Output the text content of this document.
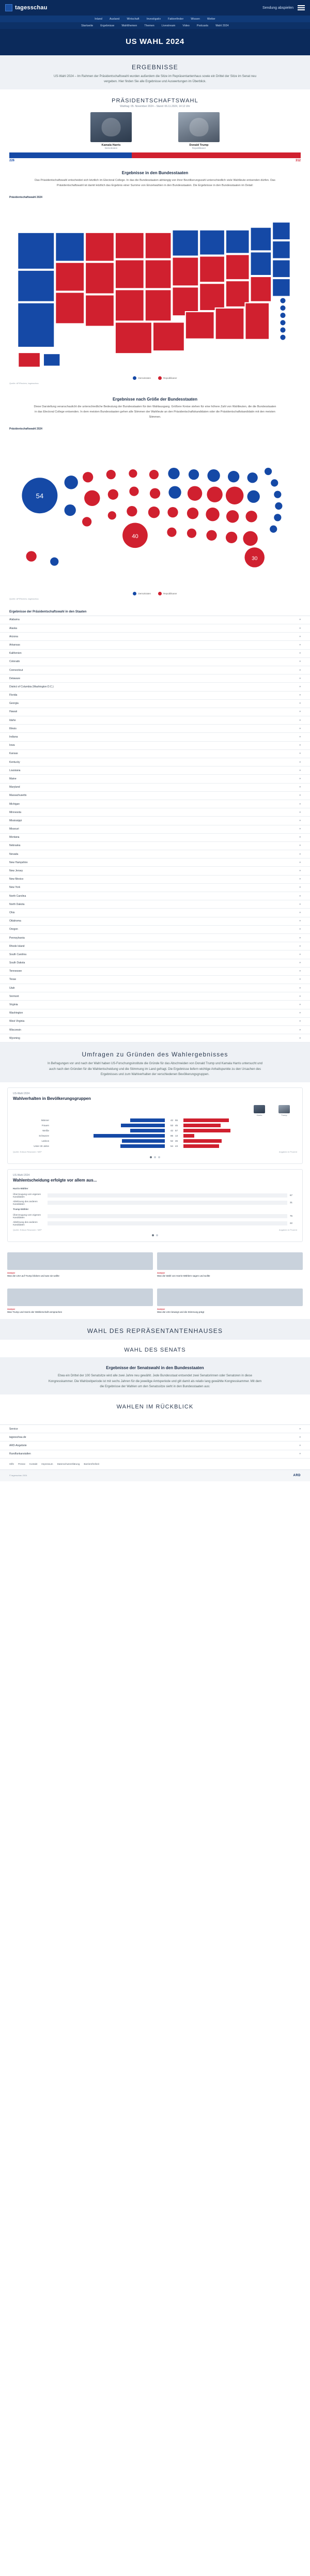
tagesschau	Sendung abspielen
Inland	Ausland	Wirtschaft	Investigativ	Faktenfinder	Wissen	Wetter
Startseite	Ergebnisse	Wahlthemen	Themen	Livestream	Video	Podcasts	Wahl 2024
US WAHL 2024
ERGEBNISSE
US-Wahl 2024 – Im Rahmen der Präsidentschaftswahl wurden außerdem die Sitze im Repräsentantenhaus sowie ein Drittel der Sitze im Senat neu vergeben. Hier finden Sie alle Ergebnisse und Auswertungen im Überblick.
PRÄSIDENTSCHAFTSWAHL
Wahltag: 05. November 2024 – Stand: 06.11.2024, 14:12 Uhr
Kamala Harris
Demokraten
Donald Trump
Republikaner
226	312
Ergebnisse in den Bundesstaaten

Das Präsidentschaftswahl entscheidet sich letztlich im Electoral College. In das die Bundesstaaten abhängig von ihrer Bevölkerungszahl unterschiedlich viele Wahlleute entsenden dürfen. Das Präsidentschaftswahl ist damit letztlich das Ergebnis einer Summe von Einzelwahlen in den Bundesstaaten. Die Ergebnisse in den Bundesstaaten im Detail:

Präsidentschaftswahl 2024
Demokraten	Republikaner
Quelle: AP/Reuters, tagesschau
Ergebnisse nach Größe der Bundesstaaten

Diese Darstellung veranschaulicht die unterschiedliche Bedeutung der Bundesstaaten für den Wahlausgang. Größere Kreise stehen für eine höhere Zahl von Wahlleuten, die die Bundesstaaten in das Electoral College entsenden. In dem meisten Bundesstaaten gehen alle Stimmen der Wahlleute an den Präsidentschaftskandidaten oder die Präsidentschaftskandidatin mit den meisten Stimmen.

Präsidentschaftswahl 2024
54
40
30
Demokraten	Republikaner
Quelle: AP/Reuters, tagesschau
Ergebnisse der Präsidentschaftswahl in den Staaten
Alabama	▾
Alaska	▾
Arizona	▾
Arkansas	▾
Kalifornien	▾
Colorado	▾
Connecticut	▾
Delaware	▾
District of Columbia (Washington D.C.)	▾
Florida	▾
Georgia	▾
Hawaii	▾
Idaho	▾
Illinois	▾
Indiana	▾
Iowa	▾
Kansas	▾
Kentucky	▾
Louisiana	▾
Maine	▾
Maryland	▾
Massachusetts	▾
Michigan	▾
Minnesota	▾
Mississippi	▾
Missouri	▾
Montana	▾
Nebraska	▾
Nevada	▾
New Hampshire	▾
New Jersey	▾
New Mexico	▾
New York	▾
North Carolina	▾
North Dakota	▾
Ohio	▾
Oklahoma	▾
Oregon	▾
Pennsylvania	▾
Rhode Island	▾
South Carolina	▾
South Dakota	▾
Tennessee	▾
Texas	▾
Utah	▾
Vermont	▾
Virginia	▾
Washington	▾
West Virginia	▾
Wisconsin	▾
Wyoming	▾
Umfragen zu Gründen des Wahlergebnisses
In Befragungen vor und nach der Wahl haben US-Forschungsinstitute die Gründe für das Abschneiden von Donald Trump und Kamala Harris untersucht und auch nach den Gründen für die Wahlentscheidung und die Stimmung im Land gefragt. Die Ergebnisse liefern wichtige Anhaltspunkte zu den Ursachen des Ergebnisses und zum Wahlverhalten der verschiedenen Bevölkerungsgruppen.
US-Wahl 2024
Wahlverhalten in Bevölkerungsgruppen
Harris	Trump
Männer	42 55
Frauen	53 45
Weiße	42 57
Schwarze	86 13
Latinos	52 46
Unter 30 Jahre	54 43
Quelle: Edison Research / NEP	Angaben in Prozent
US-Wahl 2024
Wahlentscheidung erfolgte vor allem aus...
Harris-Wähler
Überzeugung vom eigenen Kandidaten	67
Ablehnung des anderen Kandidaten	31
Trump-Wähler
Überzeugung vom eigenen Kandidaten	76
Ablehnung des anderen Kandidaten	22
Quelle: Edison Research / NEP	Angaben in Prozent
Analyse
Was die USA auf Trump blicken und was sie wollte
Analyse
Was die Wahl von Harris-Wählern sagen und wollte
Analyse
Was Trump und Harris der Wählerschaft versprachen
Analyse
Was die USA bewegt und die Stimmung prägt
WAHL DES REPRÄSENTANTENHAUSES
WAHL DES SENATS
Ergebnisse der Senatswahl in den Bundesstaaten
Etwa ein Drittel der 100 Senatsitze wird alle zwei Jahre neu gewählt. Jede Bundesstaat entsendet zwei Senatorinnen oder Senatoren in diese Kongresskammer. Die Wahlzeitperiode ist mit sechs Jahren für die jeweilige Amtsperiode und gilt damit als relativ lang gewählte Kongresskammer. Mit dem die Ergebnisse der Wahlen um den Senatssitze sieht in den Bundesstaaten aus:
WAHLEN IM RÜCKBLICK
Service	▾
tagesschau.de	▾
ARD-Angebote	▾
Rundfunkanstalten	▾
Hilfe Presse Kontakt Impressum Datenschutzerklärung Barrierefreiheit
© tagesschau 2024	ARD
